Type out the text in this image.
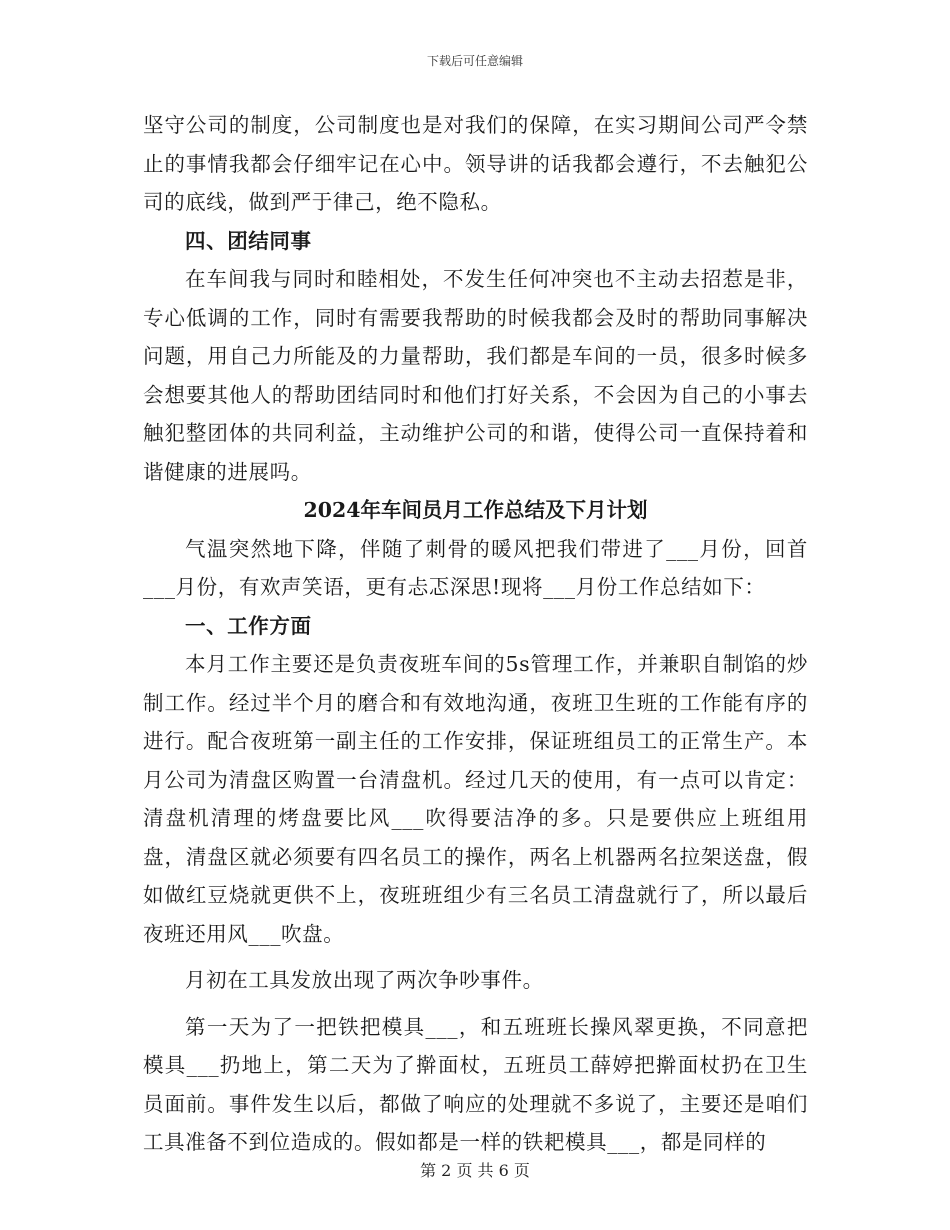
下载后可任意编辑

坚守公司的制度，公司制度也是对我们的保障，在实习期间公司严令禁止的事情我都会仔细牢记在心中。领导讲的话我都会遵行，不去触犯公司的底线，做到严于律己，绝不隐私。

四、团结同事

在车间我与同时和睦相处，不发生任何冲突也不主动去招惹是非，专心低调的工作，同时有需要我帮助的时候我都会及时的帮助同事解决问题，用自己力所能及的力量帮助，我们都是车间的一员，很多时候多会想要其他人的帮助团结同时和他们打好关系，不会因为自己的小事去触犯整团体的共同利益，主动维护公司的和谐，使得公司一直保持着和谐健康的进展吗。

2024年车间员月工作总结及下月计划

气温突然地下降，伴随了刺骨的暖风把我们带进了___月份，回首___月份，有欢声笑语，更有忐忑深思!现将___月份工作总结如下：

一、工作方面

本月工作主要还是负责夜班车间的5s管理工作，并兼职自制馅的炒制工作。经过半个月的磨合和有效地沟通，夜班卫生班的工作能有序的进行。配合夜班第一副主任的工作安排，保证班组员工的正常生产。本月公司为清盘区购置一台清盘机。经过几天的使用，有一点可以肯定：清盘机清理的烤盘要比风___吹得要洁净的多。只是要供应上班组用盘，清盘区就必须要有四名员工的操作，两名上机器两名拉架送盘，假如做红豆烧就更供不上，夜班班组少有三名员工清盘就行了，所以最后夜班还用风___吹盘。

月初在工具发放出现了两次争吵事件。

第一天为了一把铁把模具___，和五班班长操风翠更换，不同意把模具___扔地上，第二天为了擀面杖，五班员工薛婷把擀面杖扔在卫生员面前。事件发生以后，都做了响应的处理就不多说了，主要还是咱们工具准备不到位造成的。假如都是一样的铁耙模具___，都是同样的

第 2 页 共 6 页
